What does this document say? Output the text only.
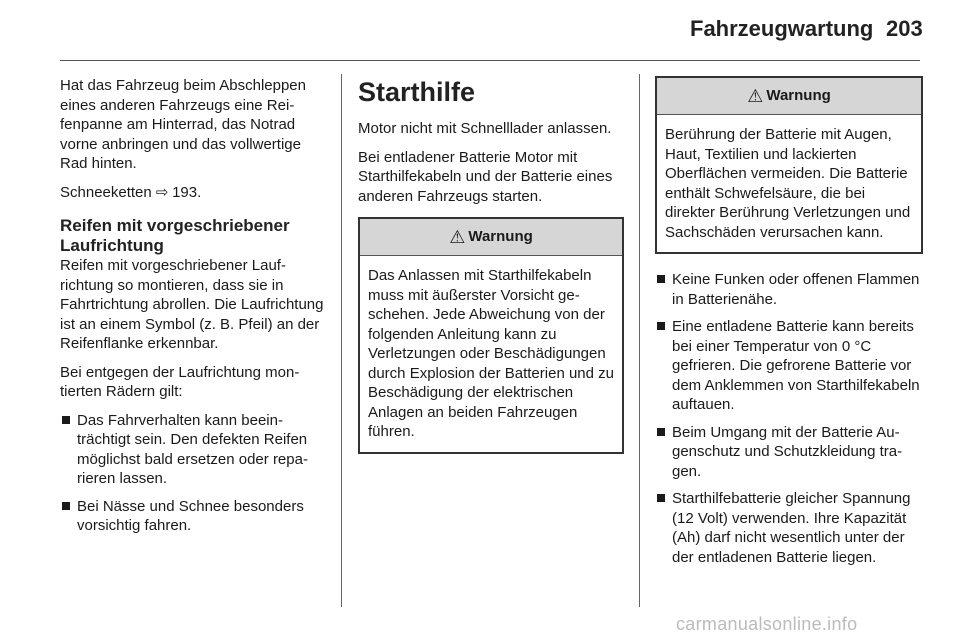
Fahrzeugwartung 203

Hat das Fahrzeug beim Abschleppen eines anderen Fahrzeugs eine Reifenpanne am Hinterrad, das Notrad vorne anbringen und das vollwertige Rad hinten.

Schneeketten ⇨ 193.

Reifen mit vorgeschriebener Laufrichtung

Reifen mit vorgeschriebener Laufrichtung so montieren, dass sie in Fahrtrichtung abrollen. Die Laufrichtung ist an einem Symbol (z. B. Pfeil) an der Reifenflanke erkennbar.

Bei entgegen der Laufrichtung montierten Rädern gilt:

Das Fahrverhalten kann beeinträchtigt sein. Den defekten Reifen möglichst bald ersetzen oder reparieren lassen.
Bei Nässe und Schnee besonders vorsichtig fahren.
Starthilfe

Motor nicht mit Schnelllader anlassen.

Bei entladener Batterie Motor mit Starthilfekabeln und der Batterie eines anderen Fahrzeugs starten.

⚠ Warnung
Das Anlassen mit Starthilfekabeln muss mit äußerster Vorsicht geschehen. Jede Abweichung von der folgenden Anleitung kann zu Verletzungen oder Beschädigungen durch Explosion der Batterien und zu Beschädigung der elektrischen Anlagen an beiden Fahrzeugen führen.
⚠ Warnung
Berührung der Batterie mit Augen, Haut, Textilien und lackierten Oberflächen vermeiden. Die Batterie enthält Schwefelsäure, die bei direkter Berührung Verletzungen und Sachschäden verursachen kann.
Keine Funken oder offenen Flammen in Batterienähe.
Eine entladene Batterie kann bereits bei einer Temperatur von 0 °C gefrieren. Die gefrorene Batterie vor dem Anklemmen von Starthilfekabeln auftauen.
Beim Umgang mit der Batterie Augenschutz und Schutzkleidung tragen.
Starthilfebatterie gleicher Spannung (12 Volt) verwenden. Ihre Kapazität (Ah) darf nicht wesentlich unter der der entladenen Batterie liegen.
carmanualsonline.info
